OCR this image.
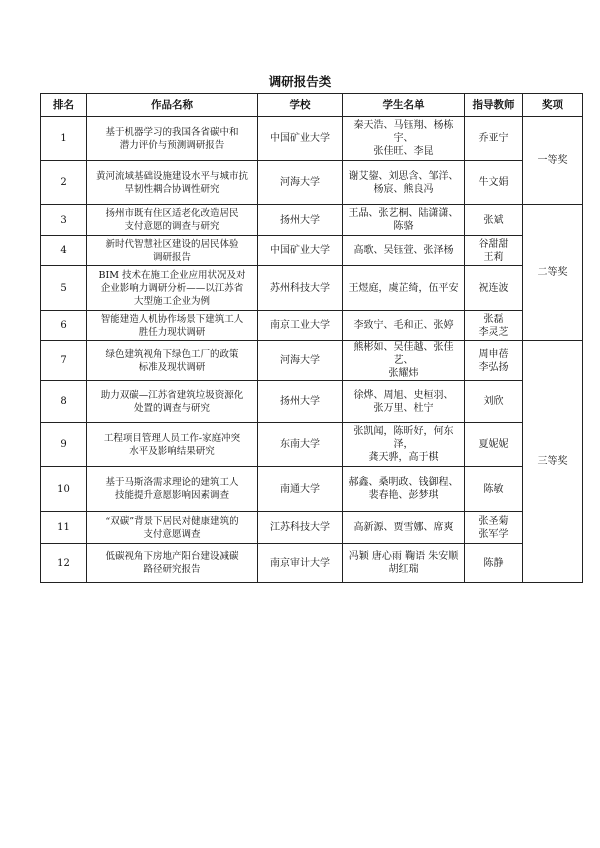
调研报告类
排名	作品名称	学校	学生名单	指导教师	奖项
1	基于机器学习的我国各省碳中和
潜力评价与预测调研报告	中国矿业大学	秦天浩、马钰翔、杨栋宇、
张佳旺、李昆	乔亚宁	一等奖
2	黄河流域基础设施建设水平与城市抗
旱韧性耦合协调性研究	河海大学	谢艾鋆、刘思含、邹洋、
杨宸、熊良冯	牛文娟	
3	扬州市既有住区适老化改造居民
支付意愿的调查与研究	扬州大学	王晶、张艺桐、陆潇潇、
陈骆	张斌	二等奖
4	新时代智慧社区建设的居民体验
调研报告	中国矿业大学	高歌、吴钰萱、张泽杨	谷甜甜
王莉	
5	BIM 技术在施工企业应用状况及对
企业影响力调研分析——以江苏省
大型施工企业为例	苏州科技大学	王煜庭，虞芷绮，伍平安	祝连波	
6	智能建造人机协作场景下建筑工人
胜任力现状调研	南京工业大学	李致宁、毛和正、张婷	张磊
李灵芝	
7	绿色建筑视角下绿色工厂的政策
标准及现状调研	河海大学	熊彬如、吴佳越、张佳艺、
张耀炜	周申蓓
李弘扬	三等奖
8	助力双碳—江苏省建筑垃圾资源化
处置的调查与研究	扬州大学	徐烨、周旭、史桓羽、
张万里、杜宁	刘欣	
9	工程项目管理人员工作-家庭冲突
水平及影响结果研究	东南大学	张凯闻，陈昕好，何东泽，
龚天骅，高于棋	夏妮妮	
10	基于马斯洛需求理论的建筑工人
技能提升意愿影响因素调查	南通大学	郝鑫、桑明政、钱御程、
裴春艳、彭梦琪	陈敏	
11	“双碳”背景下居民对健康建筑的
支付意愿调查	江苏科技大学	高新源、贾雪娜、席爽	张圣菊
张军学	
12	低碳视角下房地产阳台建设减碳
路径研究报告	南京审计大学	冯颖 唐心雨 鞠语 朱安顺
胡红瑞	陈静	
